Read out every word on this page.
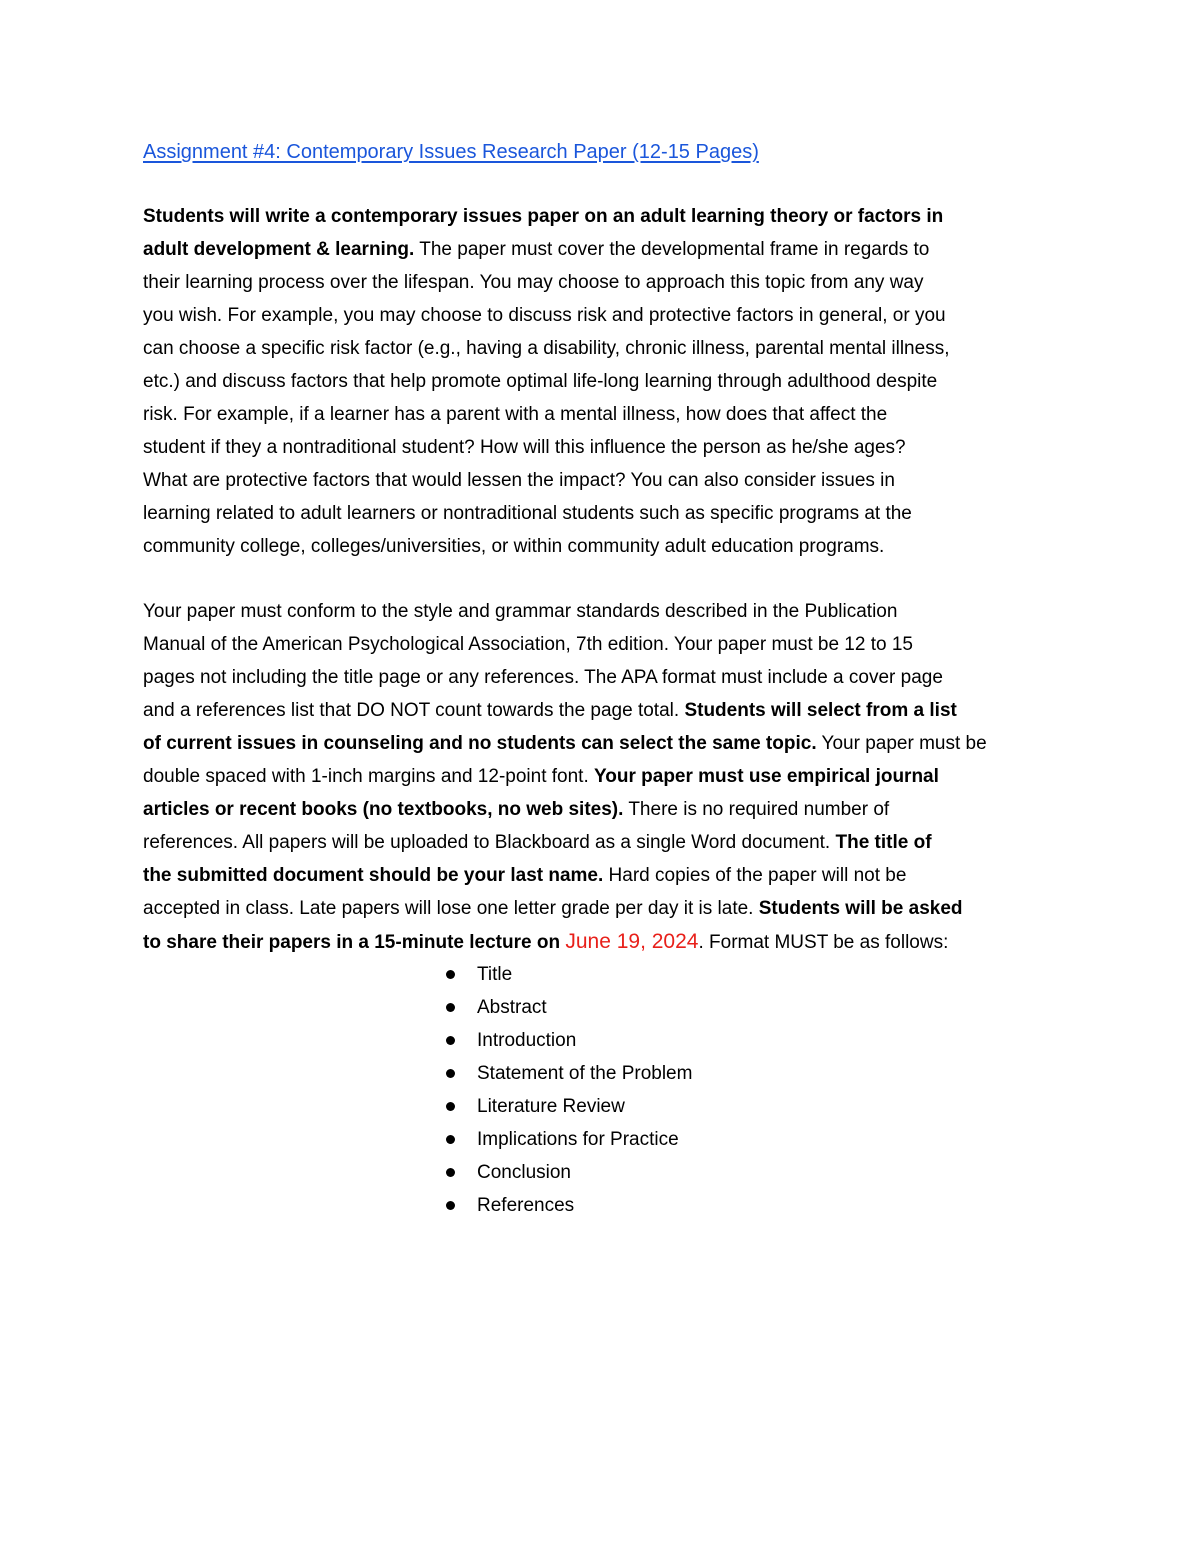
Assignment #4: Contemporary Issues Research Paper (12-15 Pages)

Students will write a contemporary issues paper on an adult learning theory or factors in
adult development & learning. The paper must cover the developmental frame in regards to
their learning process over the lifespan. You may choose to approach this topic from any way
you wish. For example, you may choose to discuss risk and protective factors in general, or you
can choose a specific risk factor (e.g., having a disability, chronic illness, parental mental illness,
etc.) and discuss factors that help promote optimal life-long learning through adulthood despite
risk. For example, if a learner has a parent with a mental illness, how does that affect the
student if they a nontraditional student? How will this influence the person as he/she ages?
What are protective factors that would lessen the impact? You can also consider issues in
learning related to adult learners or nontraditional students such as specific programs at the
community college, colleges/universities, or within community adult education programs.

Your paper must conform to the style and grammar standards described in the Publication
Manual of the American Psychological Association, 7th edition. Your paper must be 12 to 15
pages not including the title page or any references. The APA format must include a cover page
and a references list that DO NOT count towards the page total. Students will select from a list
of current issues in counseling and no students can select the same topic. Your paper must be
double spaced with 1-inch margins and 12-point font. Your paper must use empirical journal
articles or recent books (no textbooks, no web sites). There is no required number of
references. All papers will be uploaded to Blackboard as a single Word document. The title of
the submitted document should be your last name. Hard copies of the paper will not be
accepted in class. Late papers will lose one letter grade per day it is late. Students will be asked
to share their papers in a 15-minute lecture on June 19, 2024. Format MUST be as follows:

Title
Abstract
Introduction
Statement of the Problem
Literature Review
Implications for Practice
Conclusion
References
